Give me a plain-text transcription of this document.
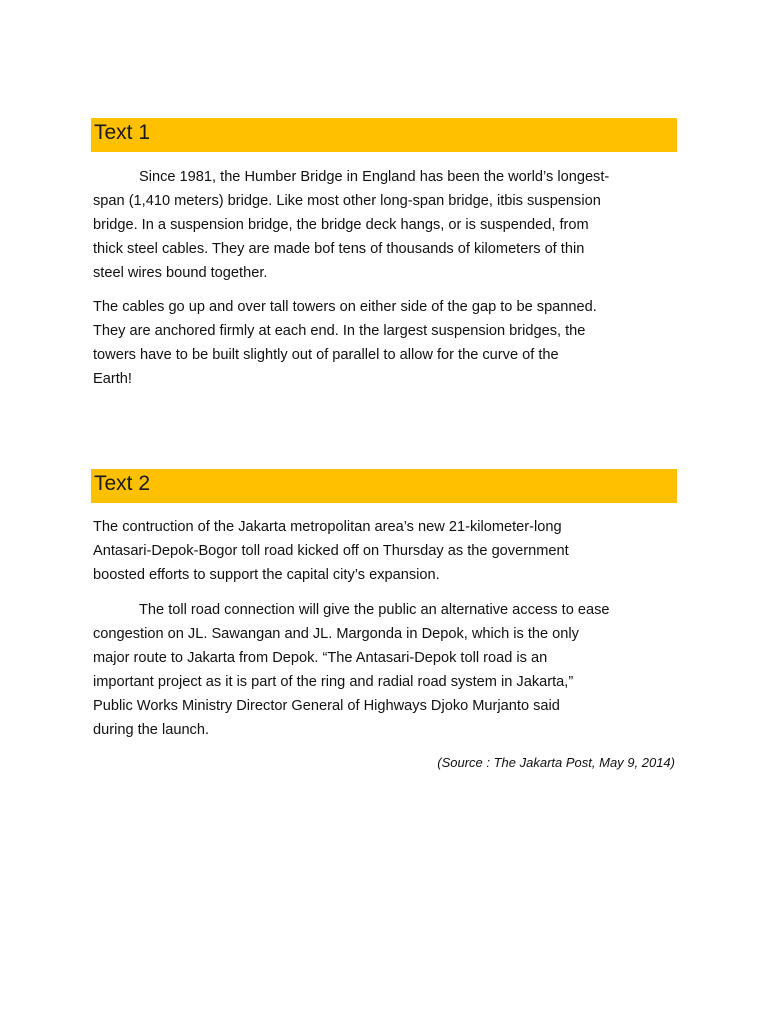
Text 1
Since 1981, the Humber Bridge in England has been the world’s longest-
span (1,410 meters) bridge. Like most other long-span bridge, itbis suspension
bridge. In a suspension bridge, the bridge deck hangs, or is suspended, from
thick steel cables. They are made bof tens of thousands of kilometers of thin
steel wires bound together.
The cables go up and over tall towers on either side of the gap to be spanned.
They are anchored firmly at each end. In the largest suspension bridges, the
towers have to be built slightly out of parallel to allow for the curve of the
Earth!
Text 2
The contruction of the Jakarta metropolitan area’s new 21-kilometer-long
Antasari-Depok-Bogor toll road kicked off on Thursday as the government
boosted efforts to support the capital city’s expansion.
The toll road connection will give the public an alternative access to ease
congestion on JL. Sawangan and JL. Margonda in Depok, which is the only
major route to Jakarta from Depok. “The Antasari-Depok toll road is an
important project as it is part of the ring and radial road system in Jakarta,”
Public Works Ministry Director General of Highways Djoko Murjanto said
during the launch.
(Source : The Jakarta Post, May 9, 2014)
